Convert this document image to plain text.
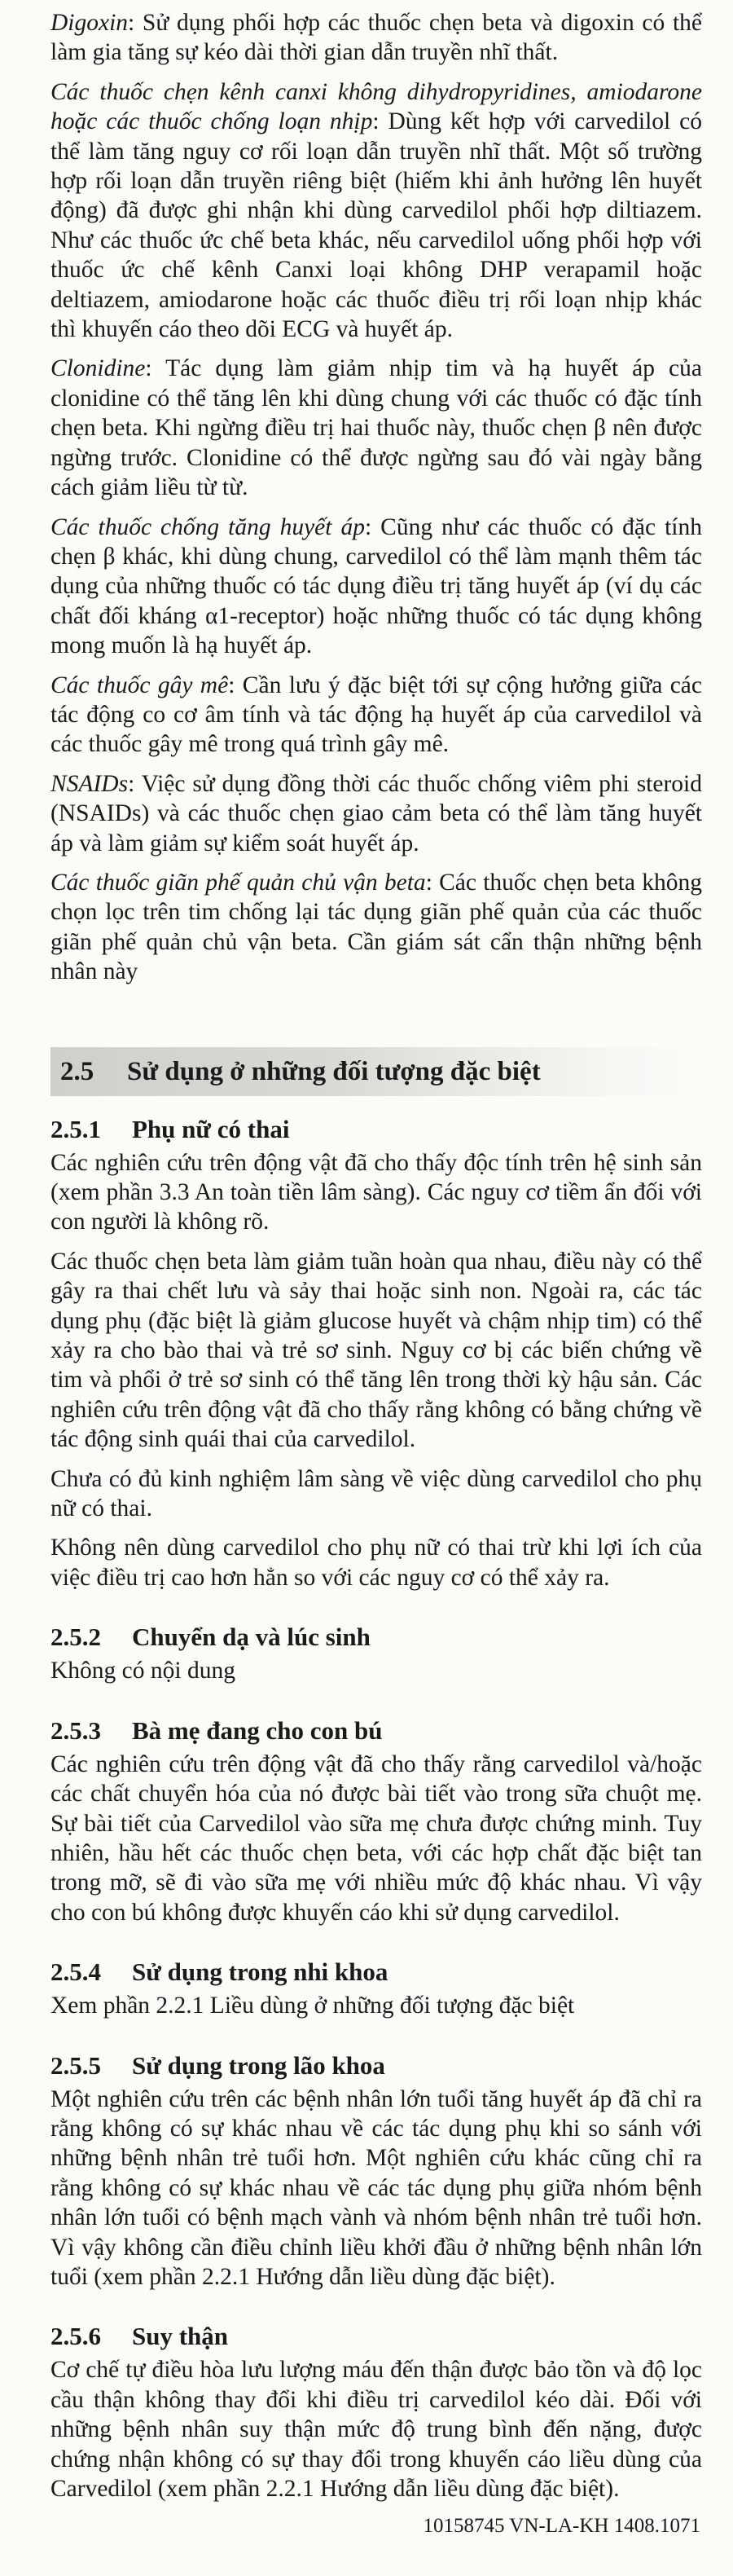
Digoxin: Sử dụng phối hợp các thuốc chẹn beta và digoxin có thể làm gia tăng sự kéo dài thời gian dẫn truyền nhĩ thất.

Các thuốc chẹn kênh canxi không dihydropyridines, amiodarone hoặc các thuốc chống loạn nhịp: Dùng kết hợp với carvedilol có thể làm tăng nguy cơ rối loạn dẫn truyền nhĩ thất. Một số trường hợp rối loạn dẫn truyền riêng biệt (hiếm khi ảnh hưởng lên huyết động) đã được ghi nhận khi dùng carvedilol phối hợp diltiazem. Như các thuốc ức chế beta khác, nếu carvedilol uống phối hợp với thuốc ức chế kênh Canxi loại không DHP verapamil hoặc deltiazem, amiodarone hoặc các thuốc điều trị rối loạn nhịp khác thì khuyến cáo theo dõi ECG và huyết áp.

Clonidine: Tác dụng làm giảm nhịp tim và hạ huyết áp của clonidine có thể tăng lên khi dùng chung với các thuốc có đặc tính chẹn beta. Khi ngừng điều trị hai thuốc này, thuốc chẹn β nên được ngừng trước. Clonidine có thể được ngừng sau đó vài ngày bằng cách giảm liều từ từ.

Các thuốc chống tăng huyết áp: Cũng như các thuốc có đặc tính chẹn β khác, khi dùng chung, carvedilol có thể làm mạnh thêm tác dụng của những thuốc có tác dụng điều trị tăng huyết áp (ví dụ các chất đối kháng α1-receptor) hoặc những thuốc có tác dụng không mong muốn là hạ huyết áp.

Các thuốc gây mê: Cần lưu ý đặc biệt tới sự cộng hưởng giữa các tác động co cơ âm tính và tác động hạ huyết áp của carvedilol và các thuốc gây mê trong quá trình gây mê.

NSAIDs: Việc sử dụng đồng thời các thuốc chống viêm phi steroid (NSAIDs) và các thuốc chẹn giao cảm beta có thể làm tăng huyết áp và làm giảm sự kiểm soát huyết áp.

Các thuốc giãn phế quản chủ vận beta: Các thuốc chẹn beta không chọn lọc trên tim chống lại tác dụng giãn phế quản của các thuốc giãn phế quản chủ vận beta. Cần giám sát cẩn thận những bệnh nhân này

2.5 Sử dụng ở những đối tượng đặc biệt
2.5.1 Phụ nữ có thai

Các nghiên cứu trên động vật đã cho thấy độc tính trên hệ sinh sản (xem phần 3.3 An toàn tiền lâm sàng). Các nguy cơ tiềm ẩn đối với con người là không rõ.

Các thuốc chẹn beta làm giảm tuần hoàn qua nhau, điều này có thể gây ra thai chết lưu và sảy thai hoặc sinh non. Ngoài ra, các tác dụng phụ (đặc biệt là giảm glucose huyết và chậm nhịp tim) có thể xảy ra cho bào thai và trẻ sơ sinh. Nguy cơ bị các biến chứng về tim và phổi ở trẻ sơ sinh có thể tăng lên trong thời kỳ hậu sản. Các nghiên cứu trên động vật đã cho thấy rằng không có bằng chứng về tác động sinh quái thai của carvedilol.

Chưa có đủ kinh nghiệm lâm sàng về việc dùng carvedilol cho phụ nữ có thai.

Không nên dùng carvedilol cho phụ nữ có thai trừ khi lợi ích của việc điều trị cao hơn hẳn so với các nguy cơ có thể xảy ra.

2.5.2 Chuyển dạ và lúc sinh

Không có nội dung

2.5.3 Bà mẹ đang cho con bú

Các nghiên cứu trên động vật đã cho thấy rằng carvedilol và/hoặc các chất chuyển hóa của nó được bài tiết vào trong sữa chuột mẹ. Sự bài tiết của Carvedilol vào sữa mẹ chưa được chứng minh. Tuy nhiên, hầu hết các thuốc chẹn beta, với các hợp chất đặc biệt tan trong mỡ, sẽ đi vào sữa mẹ với nhiều mức độ khác nhau. Vì vậy cho con bú không được khuyến cáo khi sử dụng carvedilol.

2.5.4 Sử dụng trong nhi khoa

Xem phần 2.2.1 Liều dùng ở những đối tượng đặc biệt

2.5.5 Sử dụng trong lão khoa

Một nghiên cứu trên các bệnh nhân lớn tuổi tăng huyết áp đã chỉ ra rằng không có sự khác nhau về các tác dụng phụ khi so sánh với những bệnh nhân trẻ tuổi hơn. Một nghiên cứu khác cũng chỉ ra rằng không có sự khác nhau về các tác dụng phụ giữa nhóm bệnh nhân lớn tuổi có bệnh mạch vành và nhóm bệnh nhân trẻ tuổi hơn. Vì vậy không cần điều chỉnh liều khởi đầu ở những bệnh nhân lớn tuổi (xem phần 2.2.1 Hướng dẫn liều dùng đặc biệt).

2.5.6 Suy thận

Cơ chế tự điều hòa lưu lượng máu đến thận được bảo tồn và độ lọc cầu thận không thay đổi khi điều trị carvedilol kéo dài. Đối với những bệnh nhân suy thận mức độ trung bình đến nặng, được chứng nhận không có sự thay đổi trong khuyến cáo liều dùng của Carvedilol (xem phần 2.2.1 Hướng dẫn liều dùng đặc biệt).

10158745 VN-LA-KH 1408.1071
